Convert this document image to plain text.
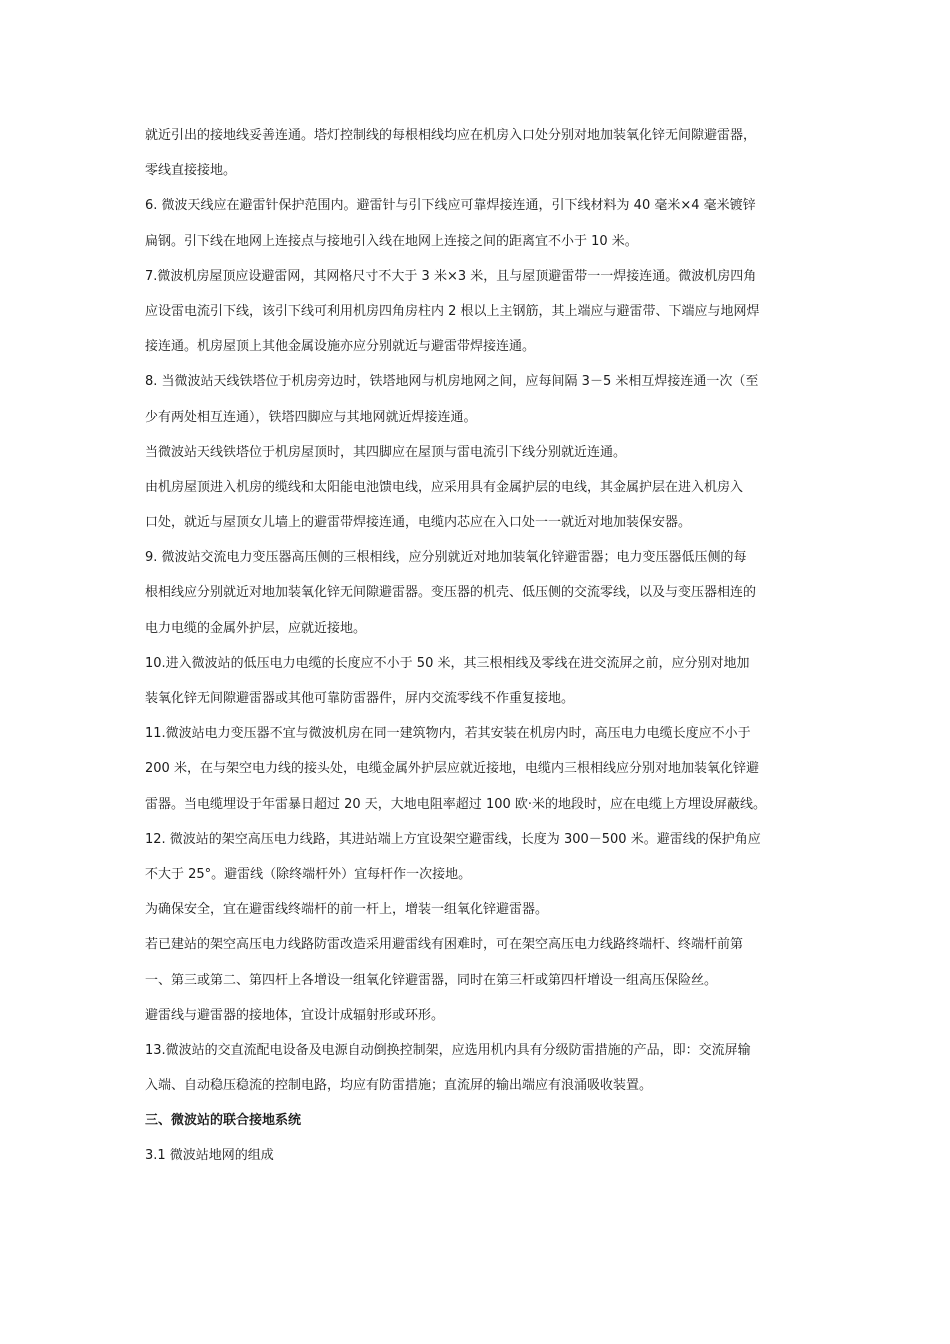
就近引出的接地线妥善连通。塔灯控制线的每根相线均应在机房入口处分别对地加装氧化锌无间隙避雷器，
零线直接接地。
6. 微波天线应在避雷针保护范围内。避雷针与引下线应可靠焊接连通，引下线材料为 40 毫米×4 毫米镀锌
扁钢。引下线在地网上连接点与接地引入线在地网上连接之间的距离宜不小于 10 米。
7.微波机房屋顶应设避雷网，其网格尺寸不大于 3 米×3 米，且与屋顶避雷带一一焊接连通。微波机房四角
应设雷电流引下线，该引下线可利用机房四角房柱内 2 根以上主钢筋，其上端应与避雷带、下端应与地网焊
接连通。机房屋顶上其他金属设施亦应分别就近与避雷带焊接连通。
8. 当微波站天线铁塔位于机房旁边时，铁塔地网与机房地网之间，应每间隔 3－5 米相互焊接连通一次（至
少有两处相互连通），铁塔四脚应与其地网就近焊接连通。
当微波站天线铁塔位于机房屋顶时，其四脚应在屋顶与雷电流引下线分别就近连通。
由机房屋顶进入机房的缆线和太阳能电池馈电线，应采用具有金属护层的电线，其金属护层在进入机房入
口处，就近与屋顶女儿墙上的避雷带焊接连通，电缆内芯应在入口处一一就近对地加装保安器。
9. 微波站交流电力变压器高压侧的三根相线，应分别就近对地加装氧化锌避雷器；电力变压器低压侧的每
根相线应分别就近对地加装氧化锌无间隙避雷器。变压器的机壳、低压侧的交流零线，以及与变压器相连的
电力电缆的金属外护层，应就近接地。
10.进入微波站的低压电力电缆的长度应不小于 50 米，其三根相线及零线在进交流屏之前，应分别对地加
装氧化锌无间隙避雷器或其他可靠防雷器件，屏内交流零线不作重复接地。
11.微波站电力变压器不宜与微波机房在同一建筑物内，若其安装在机房内时，高压电力电缆长度应不小于
200 米，在与架空电力线的接头处，电缆金属外护层应就近接地，电缆内三根相线应分别对地加装氧化锌避
雷器。当电缆埋设于年雷暴日超过 20 天，大地电阻率超过 100 欧·米的地段时，应在电缆上方埋设屏蔽线。
12. 微波站的架空高压电力线路，其进站端上方宜设架空避雷线，长度为 300－500 米。避雷线的保护角应
不大于 25°。避雷线（除终端杆外）宜每杆作一次接地。
为确保安全，宜在避雷线终端杆的前一杆上，增装一组氧化锌避雷器。
若已建站的架空高压电力线路防雷改造采用避雷线有困难时，可在架空高压电力线路终端杆、终端杆前第
一、第三或第二、第四杆上各增设一组氧化锌避雷器，同时在第三杆或第四杆增设一组高压保险丝。
避雷线与避雷器的接地体，宜设计成辐射形或环形。
13.微波站的交直流配电设备及电源自动倒换控制架，应选用机内具有分级防雷措施的产品，即：交流屏输
入端、自动稳压稳流的控制电路，均应有防雷措施；直流屏的输出端应有浪涌吸收装置。
三、微波站的联合接地系统
3.1 微波站地网的组成
